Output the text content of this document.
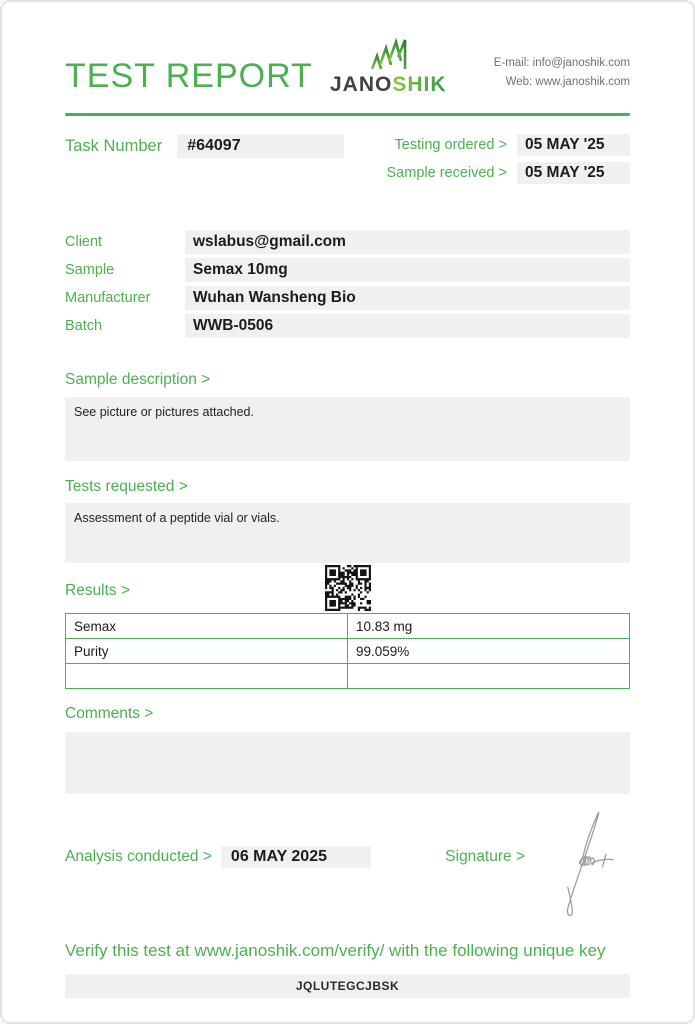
TEST REPORT JANOSHIK
E-mail: info@janoshik.com
Web: www.janoshik.com
Task Number	#64097	Testing ordered >	05 MAY '25
Sample received >	05 MAY '25
Client	wslabus@gmail.com
Sample	Semax 10mg
Manufacturer	Wuhan Wansheng Bio
Batch	WWB-0506
Sample description >
See picture or pictures attached.
Tests requested >
Assessment of a peptide vial or vials.
Results >
Semax	10.83 mg
Purity	99.059%

Comments >
Analysis conducted >	06 MAY 2025	Signature >
Verify this test at www.janoshik.com/verify/ with the following unique key
JQLUTEGCJBSK
